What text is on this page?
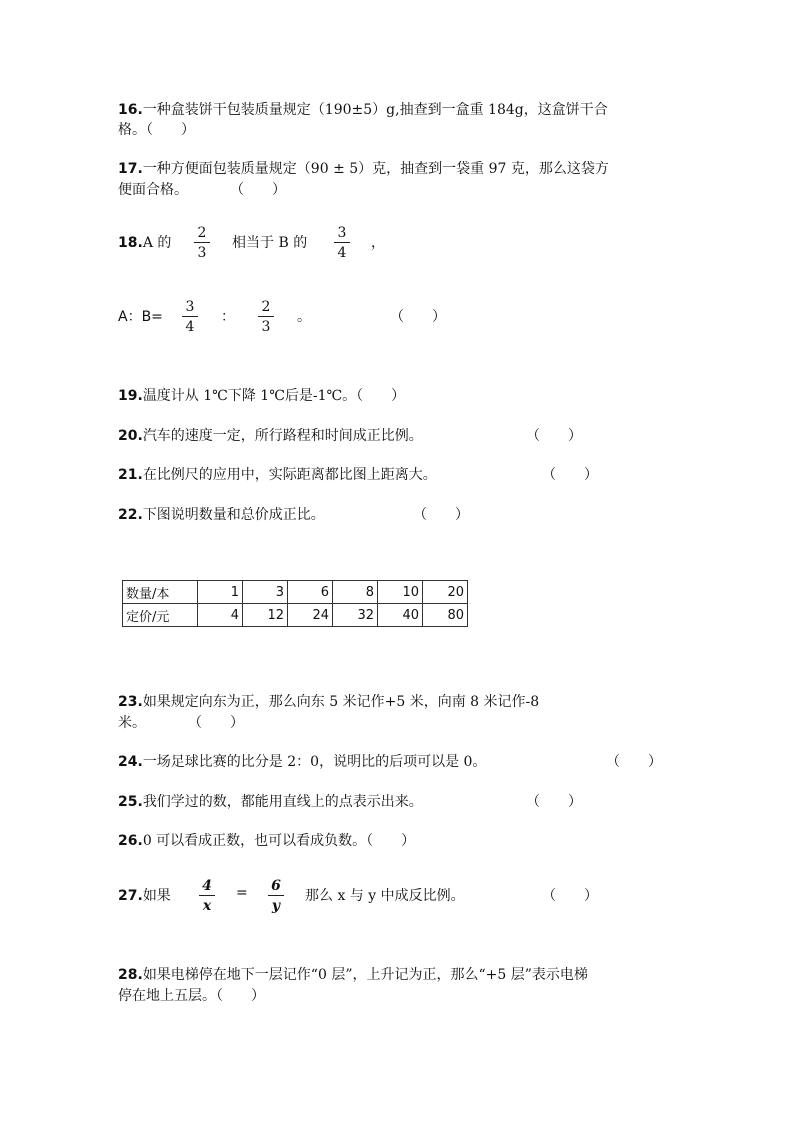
16.一种盒装饼干包装质量规定（190±5）g,抽查到一盒重 184g，这盒饼干合
格。（　　）
17.一种方便面包装质量规定（90 ± 5）克，抽查到一袋重 97 克，那么这袋方
便面合格。　　　　（　　）
18.A 的
2
3
相当于 B 的
3
4
，
A：B=
3
4
：
2
3
。	（　　）
19.温度计从 1℃下降 1℃后是-1℃。（　　）
20.汽车的速度一定，所行路程和时间成正比例。	（　　）
21.在比例尺的应用中，实际距离都比图上距离大。	（　　）
22.下图说明数量和总价成正比。	（　　）
数量/本	1	3	6	8	10	20
定价/元	4	12	24	32	40	80
23.如果规定向东为正，那么向东 5 米记作+5 米，向南 8 米记作-8
米。　　　　（　　）
24.一场足球比赛的比分是 2：0，说明比的后项可以是 0。	（　　）
25.我们学过的数，都能用直线上的点表示出来。	（　　）
26.0 可以看成正数，也可以看成负数。（　　）
27.如果
4
x
= 6
y
那么 x 与 y 中成反比例。	（　　）
28.如果电梯停在地下一层记作“0 层”，上升记为正，那么“+5 层”表示电梯
停在地上五层。（　　）
